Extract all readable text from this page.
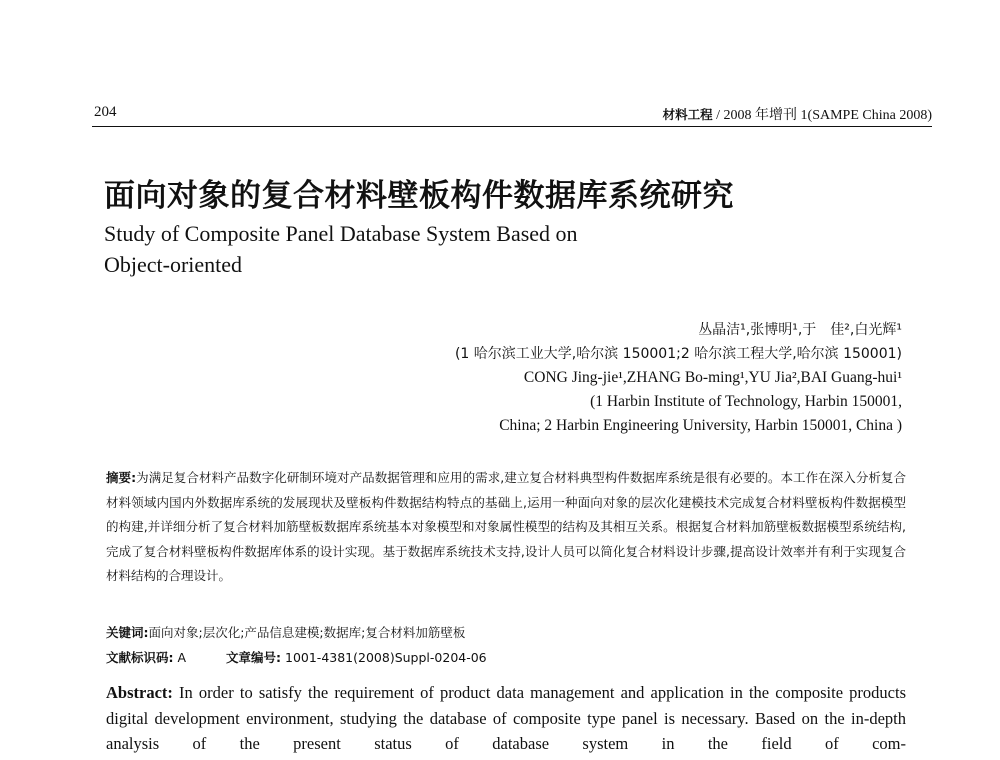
204	材料工程 / 2008 年增刊 1(SAMPE China 2008)
面向对象的复合材料壁板构件数据库系统研究
Study of Composite Panel Database System Based on
Object-oriented
丛晶洁¹,张博明¹,于　佳²,白光辉¹
(1 哈尔滨工业大学,哈尔滨 150001;2 哈尔滨工程大学,哈尔滨 150001)
CONG Jing-jie¹,ZHANG Bo-ming¹,YU Jia²,BAI Guang-hui¹
(1 Harbin Institute of Technology, Harbin 150001,
China; 2 Harbin Engineering University, Harbin 150001, China )
摘要:为满足复合材料产品数字化研制环境对产品数据管理和应用的需求,建立复合材料典型构件数据库系统是很有必要的。本工作在深入分析复合材料领域内国内外数据库系统的发展现状及壁板构件数据结构特点的基础上,运用一种面向对象的层次化建模技术完成复合材料壁板构件数据模型的构建,并详细分析了复合材料加筋壁板数据库系统基本对象模型和对象属性模型的结构及其相互关系。根据复合材料加筋壁板数据模型系统结构,完成了复合材料壁板构件数据库体系的设计实现。基于数据库系统技术支持,设计人员可以简化复合材料设计步骤,提高设计效率并有利于实现复合材料结构的合理设计。
关键词:面向对象;层次化;产品信息建模;数据库;复合材料加筋壁板
文献标识码: A	文章编号: 1001-4381(2008)Suppl-0204-06
Abstract: In order to satisfy the requirement of product data management and application in the composite products digital development environment, studying the database of composite type panel is necessary. Based on the in-depth analysis of the present status of database system in the field of com-
